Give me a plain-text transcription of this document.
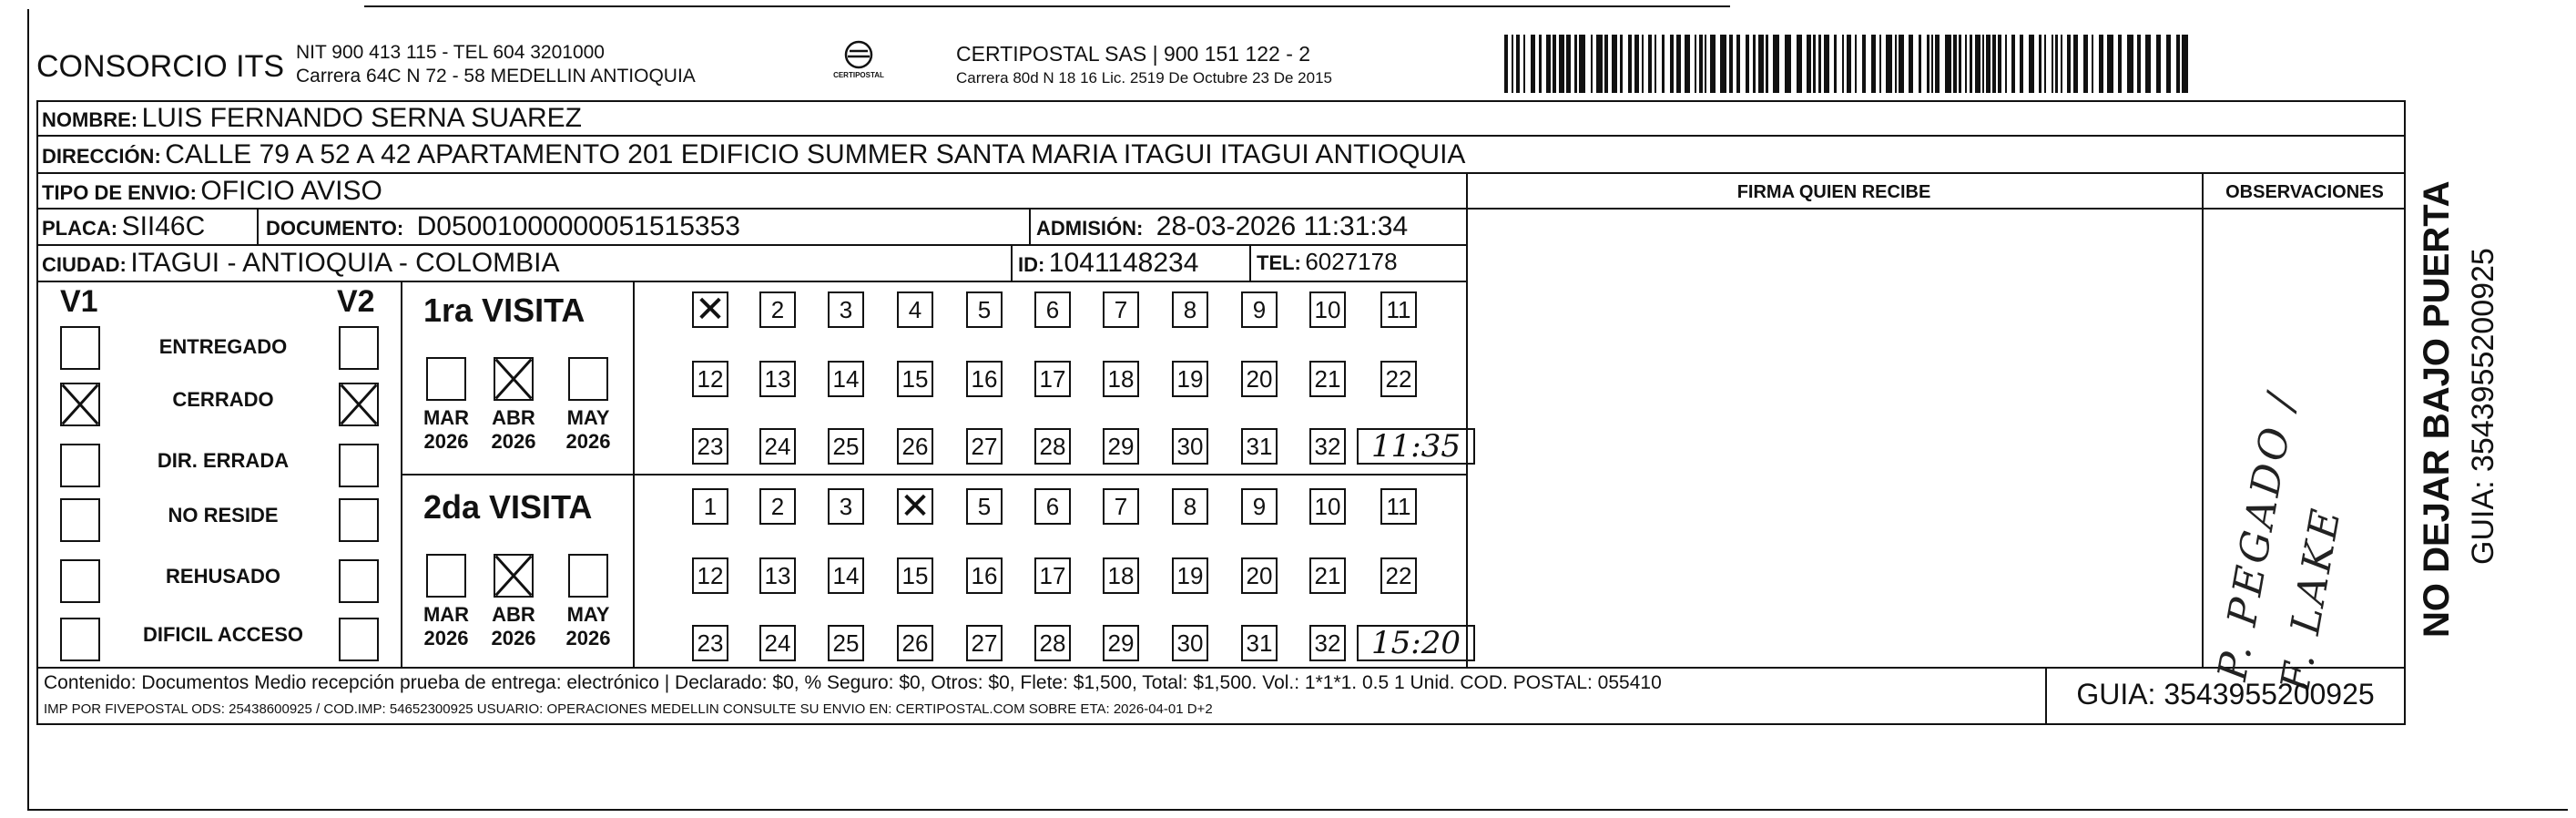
CONSORCIO ITS NIT 900 413 115 - TEL 604 3201000
Carrera 64C N 72 - 58 MEDELLIN ANTIOQUIA	CERTIPOSTAL
CERTIPOSTAL SAS | 900 151 122 - 2
Carrera 80d N 18 16 Lic. 2519 De Octubre 23 De 2015
NOMBRE: LUIS FERNANDO SERNA SUAREZ
DIRECCIÓN: CALLE 79 A 52 A 42 APARTAMENTO 201 EDIFICIO SUMMER SANTA MARIA ITAGUI ITAGUI ANTIOQUIA
TIPO DE ENVIO: OFICIO AVISO	FIRMA QUIEN RECIBE	OBSERVACIONES
PLACA: SII46C	DOCUMENTO: D05001000000051515353	ADMISIÓN: 28-03-2026 11:31:34
CIUDAD: ITAGUI - ANTIOQUIA - COLOMBIA	ID: 1041148234	TEL: 6027178
V1	V2
P. PEGADO / F. LAKE
Contenido: Documentos Medio recepción prueba de entrega: electrónico | Declarado: $0, % Seguro: $0, Otros: $0, Flete: $1,500, Total: $1,500. Vol.: 1*1*1. 0.5 1 Unid. COD. POSTAL: 055410
IMP POR FIVEPOSTAL ODS: 25438600925 / COD.IMP: 54652300925 USUARIO: OPERACIONES MEDELLIN CONSULTE SU ENVIO EN: CERTIPOSTAL.COM SOBRE ETA: 2026-04-01 D+2	GUIA: 3543955200925
NO DEJAR BAJO PUERTA GUIA: 3543955200925
ENTREGADO
CERRADO
DIR. ERRADA
NO RESIDE
REHUSADO
DIFICIL ACCESO
1ra VISITA
MAR
2026
ABR
2026
MAY
2026
✕
2	3	4	5	6	7	8	9	10 11
12 13 14 15 16 17 18 19 20 21 22
23 24 25 26 27 28 29 30 31 32 11:35
2da VISITA
MAR
2026
ABR
2026
MAY
2026
1	2	3
✕	5	6	7	8	9	10 11
12 13 14 15 16 17 18 19 20 21 22
23 24 25 26 27 28 29 30 31 32 15:20
